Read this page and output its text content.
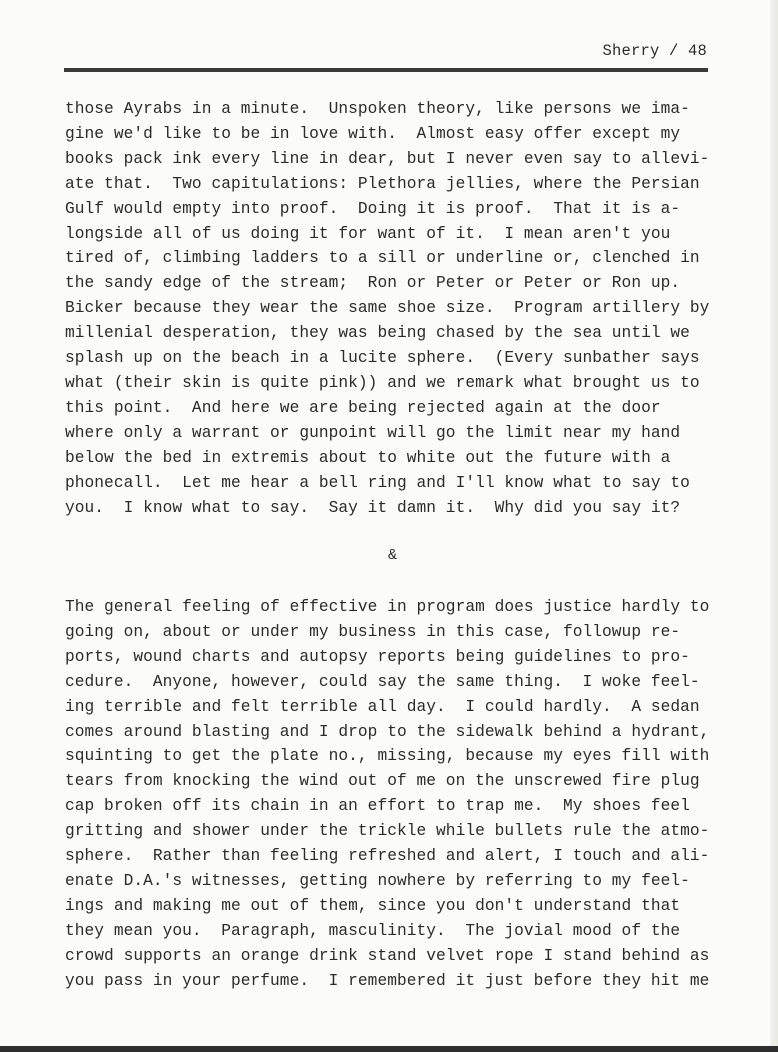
Sherry / 48
those Ayrabs in a minute.  Unspoken theory, like persons we ima-
gine we'd like to be in love with.  Almost easy offer except my
books pack ink every line in dear, but I never even say to allevi-
ate that.  Two capitulations: Plethora jellies, where the Persian
Gulf would empty into proof.  Doing it is proof.  That it is a-
longside all of us doing it for want of it.  I mean aren't you
tired of, climbing ladders to a sill or underline or, clenched in
the sandy edge of the stream;  Ron or Peter or Peter or Ron up.
Bicker because they wear the same shoe size.  Program artillery by
millenial desperation, they was being chased by the sea until we
splash up on the beach in a lucite sphere.  (Every sunbather says
what (their skin is quite pink)) and we remark what brought us to
this point.  And here we are being rejected again at the door
where only a warrant or gunpoint will go the limit near my hand
below the bed in extremis about to white out the future with a
phonecall.  Let me hear a bell ring and I'll know what to say to
you.  I know what to say.  Say it damn it.  Why did you say it?
&
The general feeling of effective in program does justice hardly to
going on, about or under my business in this case, followup re-
ports, wound charts and autopsy reports being guidelines to pro-
cedure.  Anyone, however, could say the same thing.  I woke feel-
ing terrible and felt terrible all day.  I could hardly.  A sedan
comes around blasting and I drop to the sidewalk behind a hydrant,
squinting to get the plate no., missing, because my eyes fill with
tears from knocking the wind out of me on the unscrewed fire plug
cap broken off its chain in an effort to trap me.  My shoes feel
gritting and shower under the trickle while bullets rule the atmo-
sphere.  Rather than feeling refreshed and alert, I touch and ali-
enate D.A.'s witnesses, getting nowhere by referring to my feel-
ings and making me out of them, since you don't understand that
they mean you.  Paragraph, masculinity.  The jovial mood of the
crowd supports an orange drink stand velvet rope I stand behind as
you pass in your perfume.  I remembered it just before they hit me
